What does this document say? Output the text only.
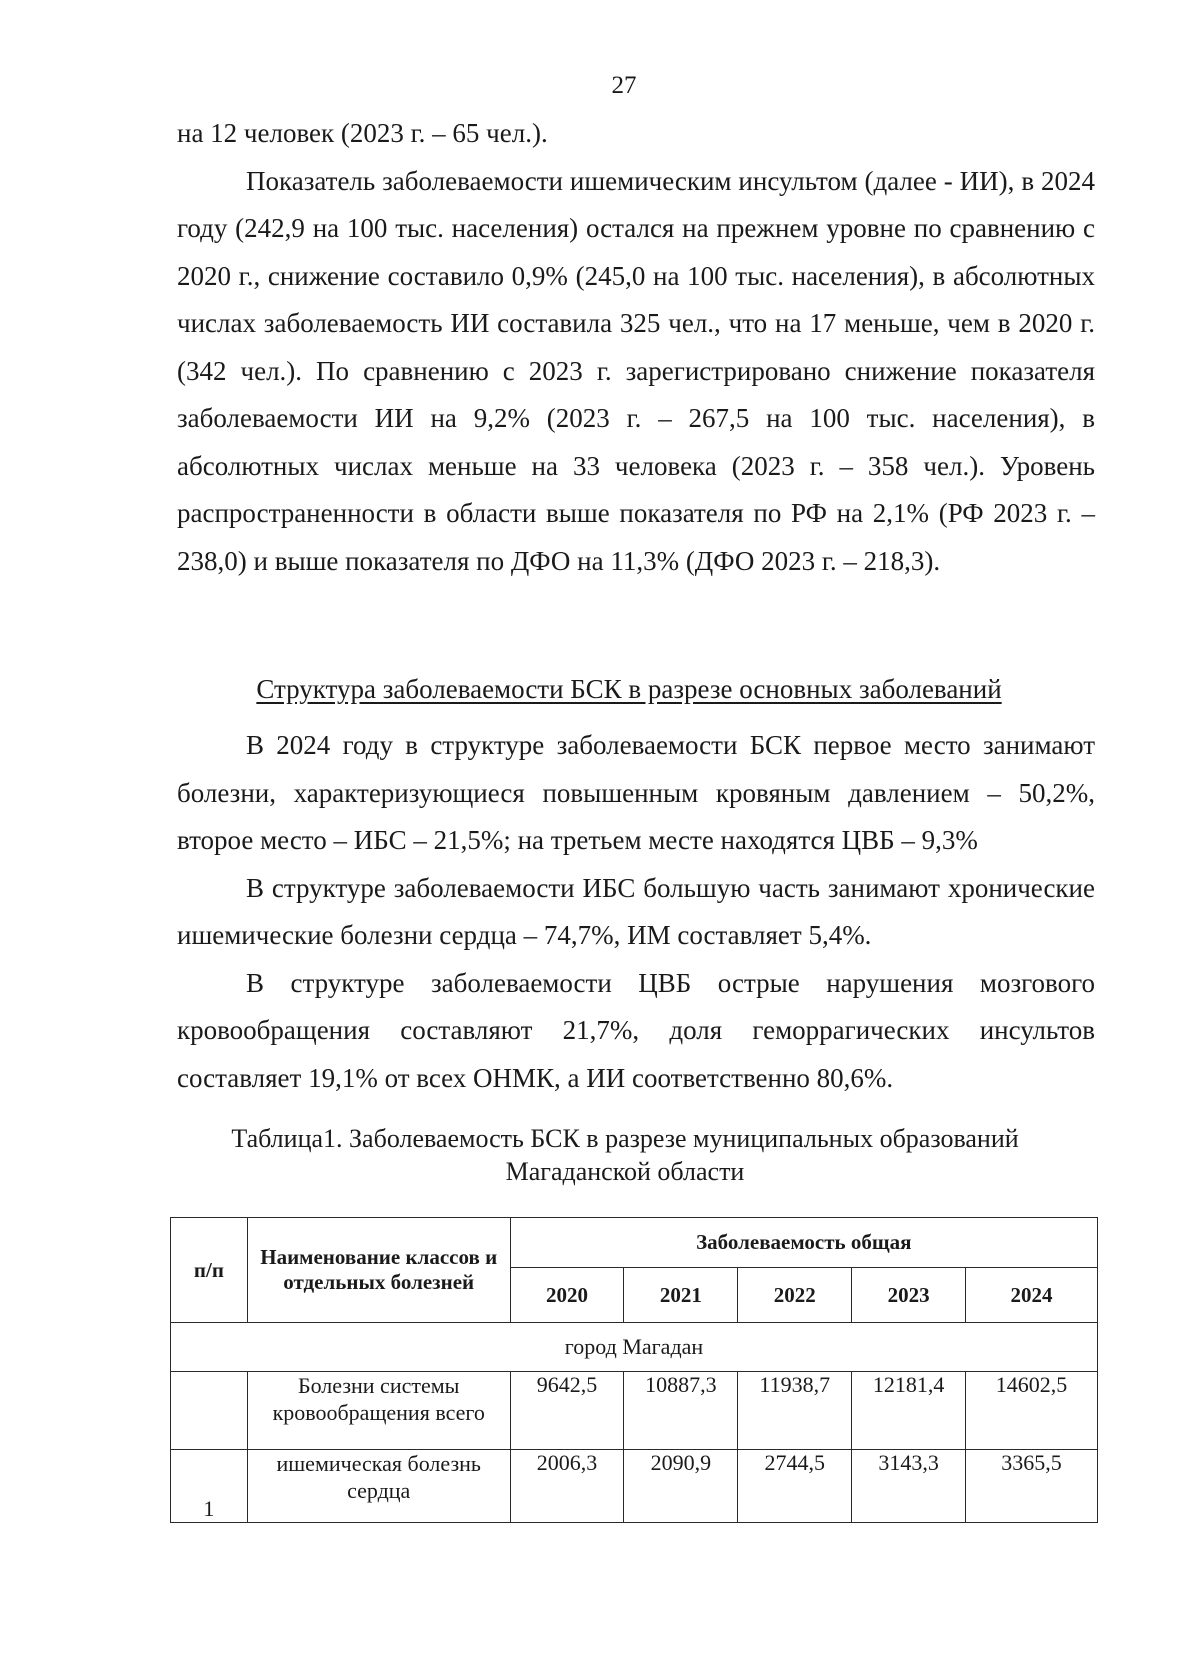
27

на 12 человек (2023 г. – 65 чел.).

Показатель заболеваемости ишемическим инсультом (далее - ИИ), в 2024 году (242,9 на 100 тыс. населения) остался на прежнем уровне по сравнению с 2020 г., снижение составило 0,9% (245,0 на 100 тыс. населения), в абсолютных числах заболеваемость ИИ составила 325 чел., что на 17 меньше, чем в 2020 г. (342 чел.). По сравнению с 2023 г. зарегистрировано снижение показателя заболеваемости ИИ на 9,2% (2023 г. – 267,5 на 100 тыс. населения), в абсолютных числах меньше на 33 человека (2023 г. – 358 чел.). Уровень распространенности в области выше показателя по РФ на 2,1% (РФ 2023 г. – 238,0) и выше показателя по ДФО на 11,3% (ДФО 2023 г. – 218,3).

Структура заболеваемости БСК в разрезе основных заболеваний

В 2024 году в структуре заболеваемости БСК первое место занимают болезни, характеризующиеся повышенным кровяным давлением – 50,2%, второе место – ИБС – 21,5%; на третьем месте находятся ЦВБ – 9,3%

В структуре заболеваемости ИБС большую часть занимают хронические ишемические болезни сердца – 74,7%, ИМ составляет 5,4%.

В структуре заболеваемости ЦВБ острые нарушения мозгового кровообращения составляют 21,7%, доля геморрагических инсультов составляет 19,1% от всех ОНМК, а ИИ соответственно 80,6%.

Таблица1. Заболеваемость БСК в разрезе муниципальных образований
Магаданской области
п/п	Наименование классов и отдельных болезней	Заболеваемость общая				
		2020	2021	2022	2023	2024
город Магадан						
	Болезни системы кровообращения всего	9642,5	10887,3	11938,7	12181,4	14602,5
1	ишемическая болезнь сердца	2006,3	2090,9	2744,5	3143,3	3365,5
